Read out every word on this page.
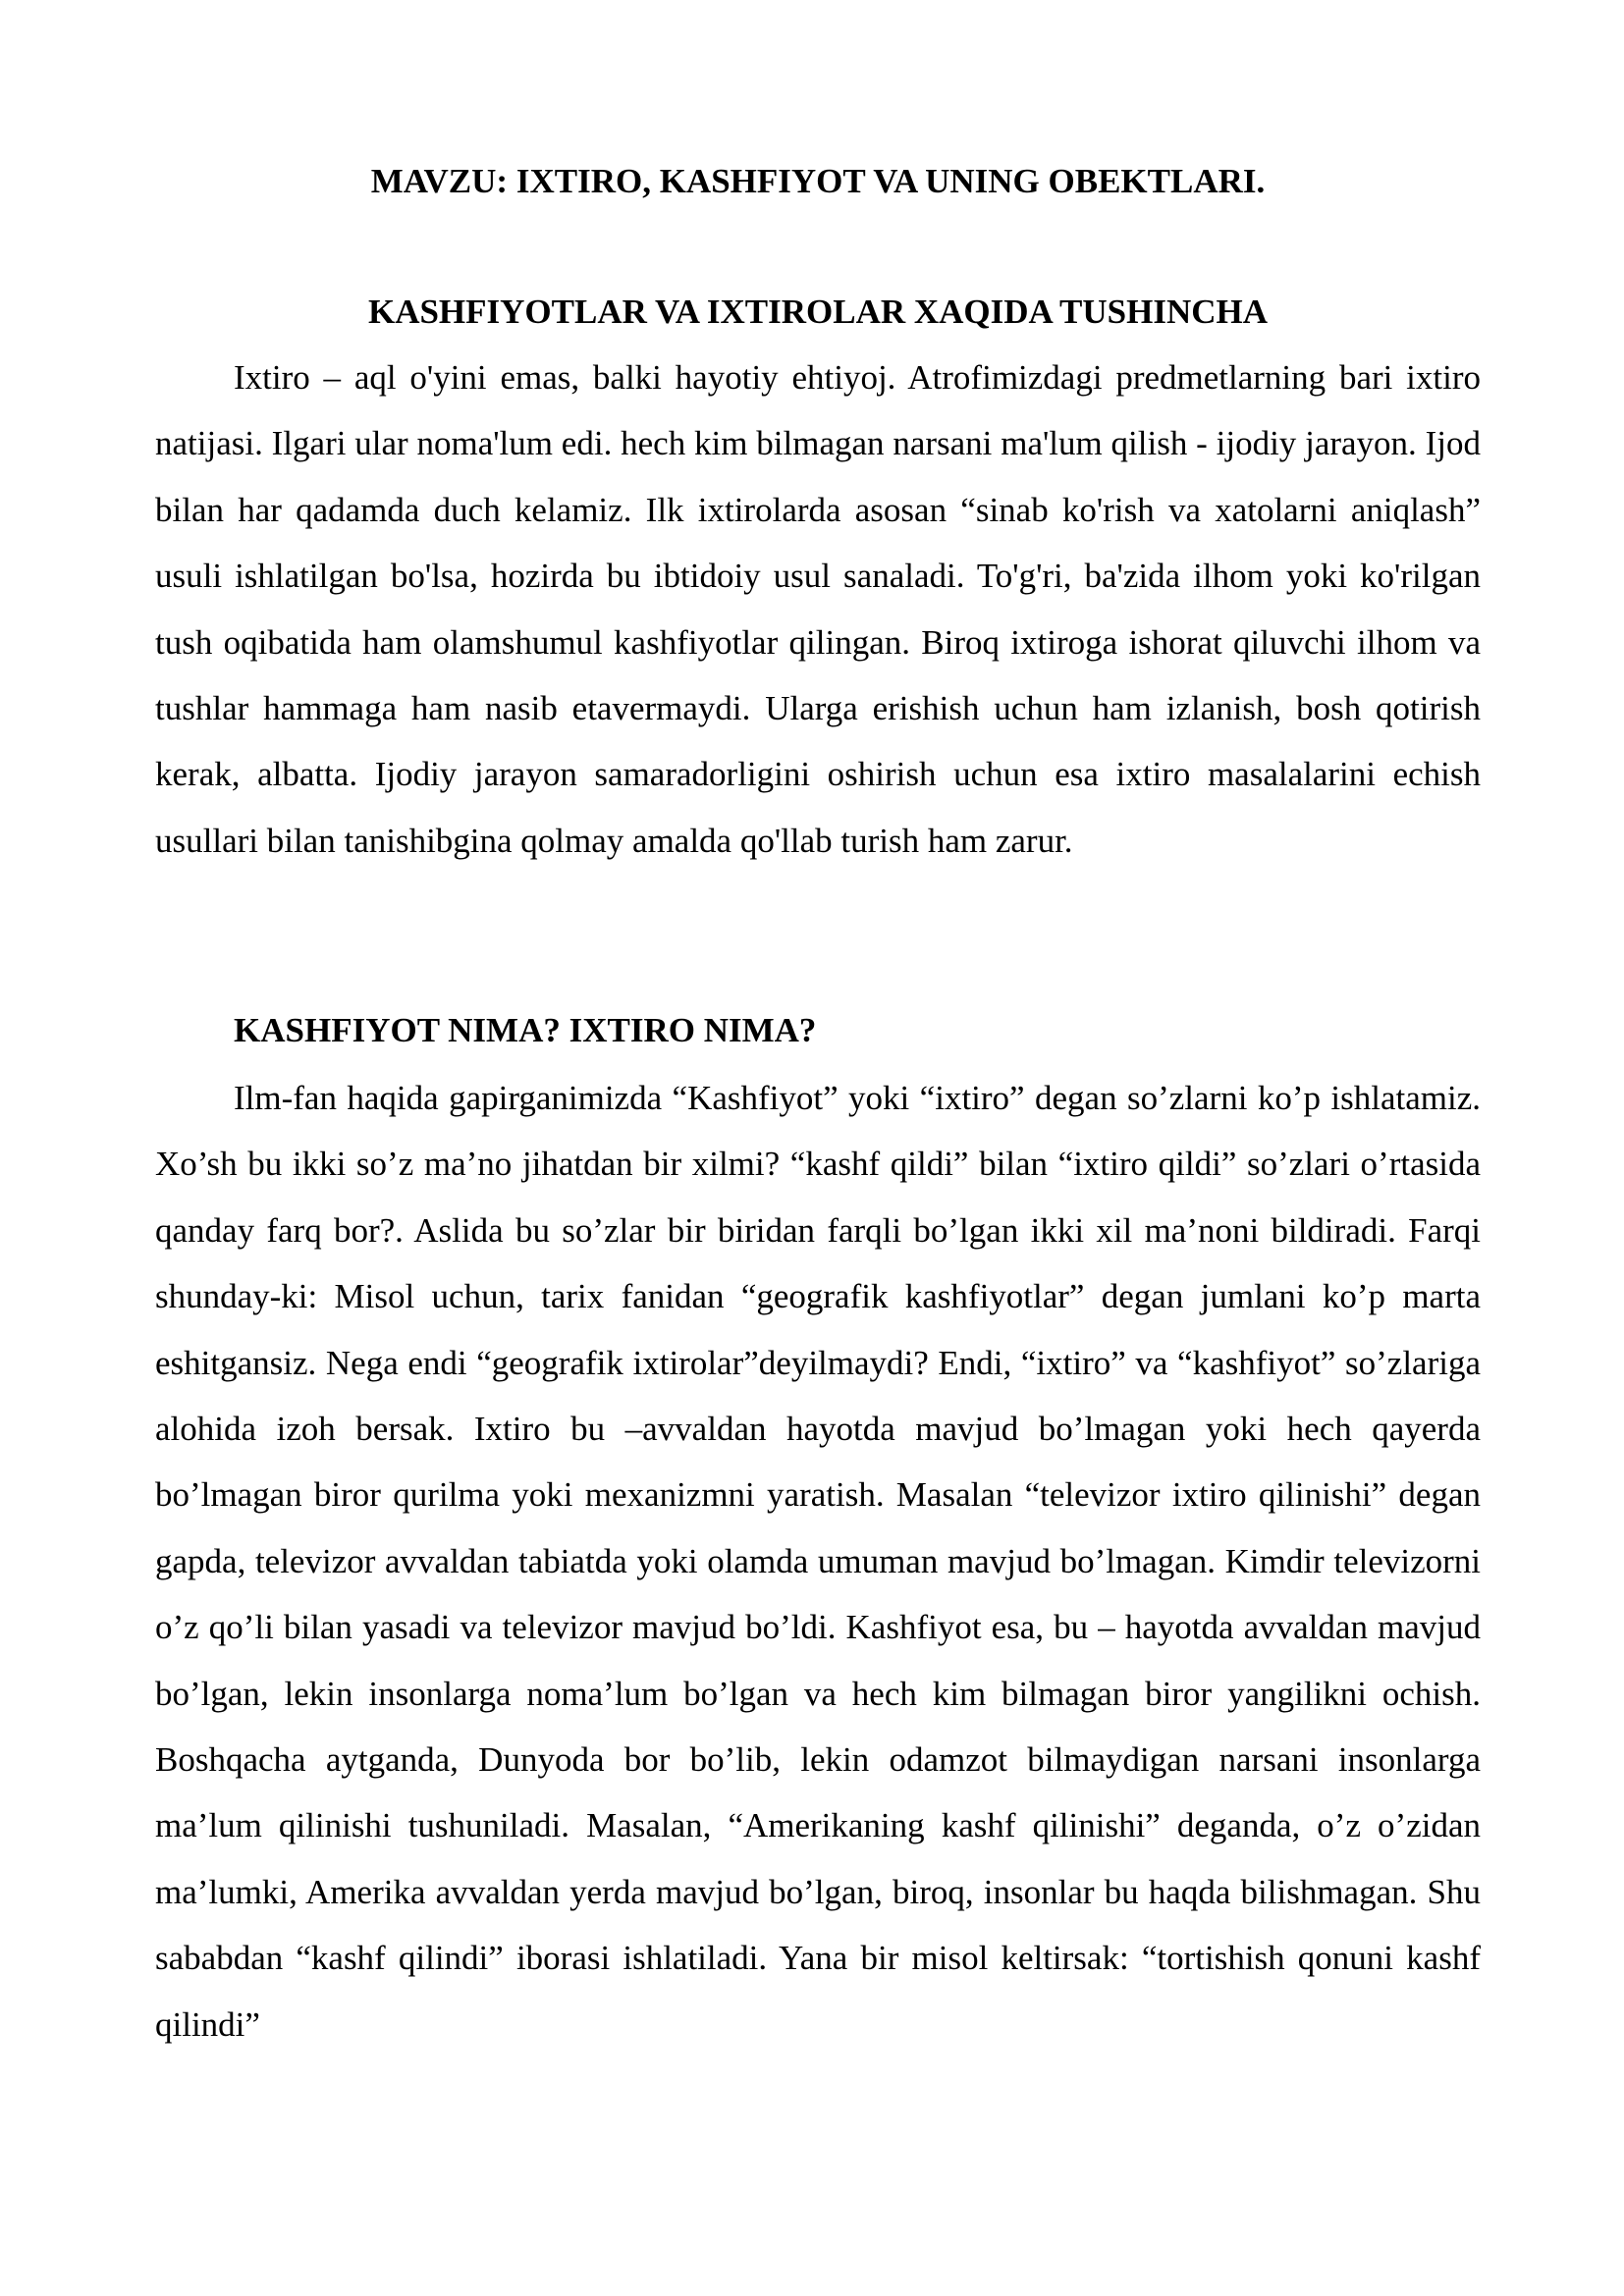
MAVZU: IXTIRO, KASHFIYOT VA UNING OBEKTLARI.
KASHFIYOTLAR VA IXTIROLAR XAQIDA TUSHINCHA

Ixtiro – aql o'yini emas, balki hayotiy ehtiyoj. Atrofimizdagi predmetlarning bari ixtiro natijasi. Ilgari ular noma'lum edi. hech kim bilmagan narsani ma'lum qilish - ijodiy jarayon. Ijod bilan har qadamda duch kelamiz. Ilk ixtirolarda asosan “sinab ko'rish va xatolarni aniqlash” usuli ishlatilgan bo'lsa, hozirda bu ibtidoiy usul sanaladi. To'g'ri, ba'zida ilhom yoki ko'rilgan tush oqibatida ham olamshumul kashfiyotlar qilingan. Biroq ixtiroga ishorat qiluvchi ilhom va tushlar hammaga ham nasib etavermaydi. Ularga erishish uchun ham izlanish, bosh qotirish kerak, albatta. Ijodiy jarayon samaradorligini oshirish uchun esa ixtiro masalalarini echish usullari bilan tanishibgina qolmay amalda qo'llab turish ham zarur.

KASHFIYOT NIMA? IXTIRO NIMA?

Ilm-fan haqida gapirganimizda “Kashfiyot” yoki “ixtiro” degan so’zlarni ko’p ishlatamiz. Xo’sh bu ikki so’z ma’no jihatdan bir xilmi? “kashf qildi” bilan “ixtiro qildi” so’zlari o’rtasida qanday farq bor?. Aslida bu so’zlar bir biridan farqli bo’lgan ikki xil ma’noni bildiradi. Farqi shunday-ki: Misol uchun, tarix fanidan “geografik kashfiyotlar” degan jumlani ko’p marta eshitgansiz. Nega endi “geografik ixtirolar”deyilmaydi? Endi, “ixtiro” va “kashfiyot” so’zlariga alohida izoh bersak. Ixtiro bu –avvaldan hayotda mavjud bo’lmagan yoki hech qayerda bo’lmagan biror qurilma yoki mexanizmni yaratish. Masalan “televizor ixtiro qilinishi” degan gapda, televizor avvaldan tabiatda yoki olamda umuman mavjud bo’lmagan. Kimdir televizorni o’z qo’li bilan yasadi va televizor mavjud bo’ldi. Kashfiyot esa, bu – hayotda avvaldan mavjud bo’lgan, lekin insonlarga noma’lum bo’lgan va hech kim bilmagan biror yangilikni ochish. Boshqacha aytganda, Dunyoda bor bo’lib, lekin odamzot bilmaydigan narsani insonlarga ma’lum qilinishi tushuniladi. Masalan, “Amerikaning kashf qilinishi” deganda, o’z o’zidan ma’lumki, Amerika avvaldan yerda mavjud bo’lgan, biroq, insonlar bu haqda bilishmagan. Shu sababdan “kashf qilindi” iborasi ishlatiladi. Yana bir misol keltirsak: “tortishish qonuni kashf qilindi”
